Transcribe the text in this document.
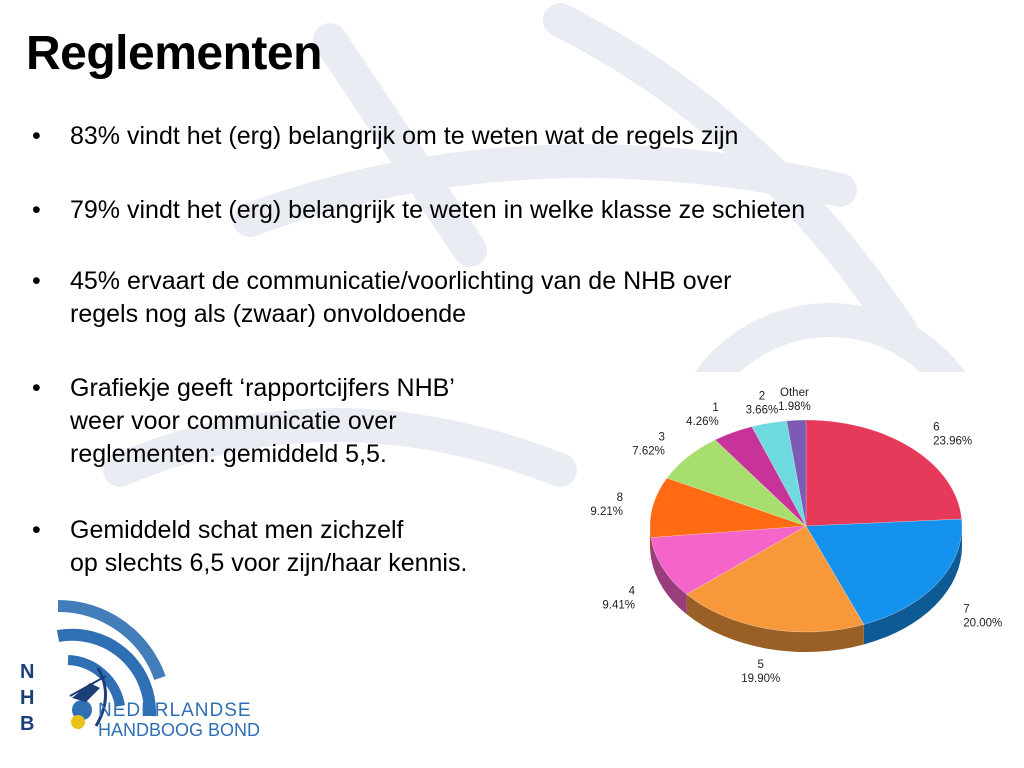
Reglementen
• 83% vindt het (erg) belangrijk om te weten wat de regels zijn
• 79% vindt het (erg) belangrijk te weten in welke klasse ze schieten
• 45% ervaart de communicatie/voorlichting van de NHB over
regels nog als (zwaar) onvoldoende
• Grafiekje geeft ‘rapportcijfers NHB’
weer voor communicatie over
reglementen: gemiddeld 5,5.
• Gemiddeld schat men zichzelf
op slechts 6,5 voor zijn/haar kennis.
6
23.96%
7
20.00%
5
19.90%
4
9.41%
8
9.21%
3
7.62%
1
4.26%
2
3.66%
Other
1.98%
N
H
B
NEDERLANDSE
HANDBOOG BOND
